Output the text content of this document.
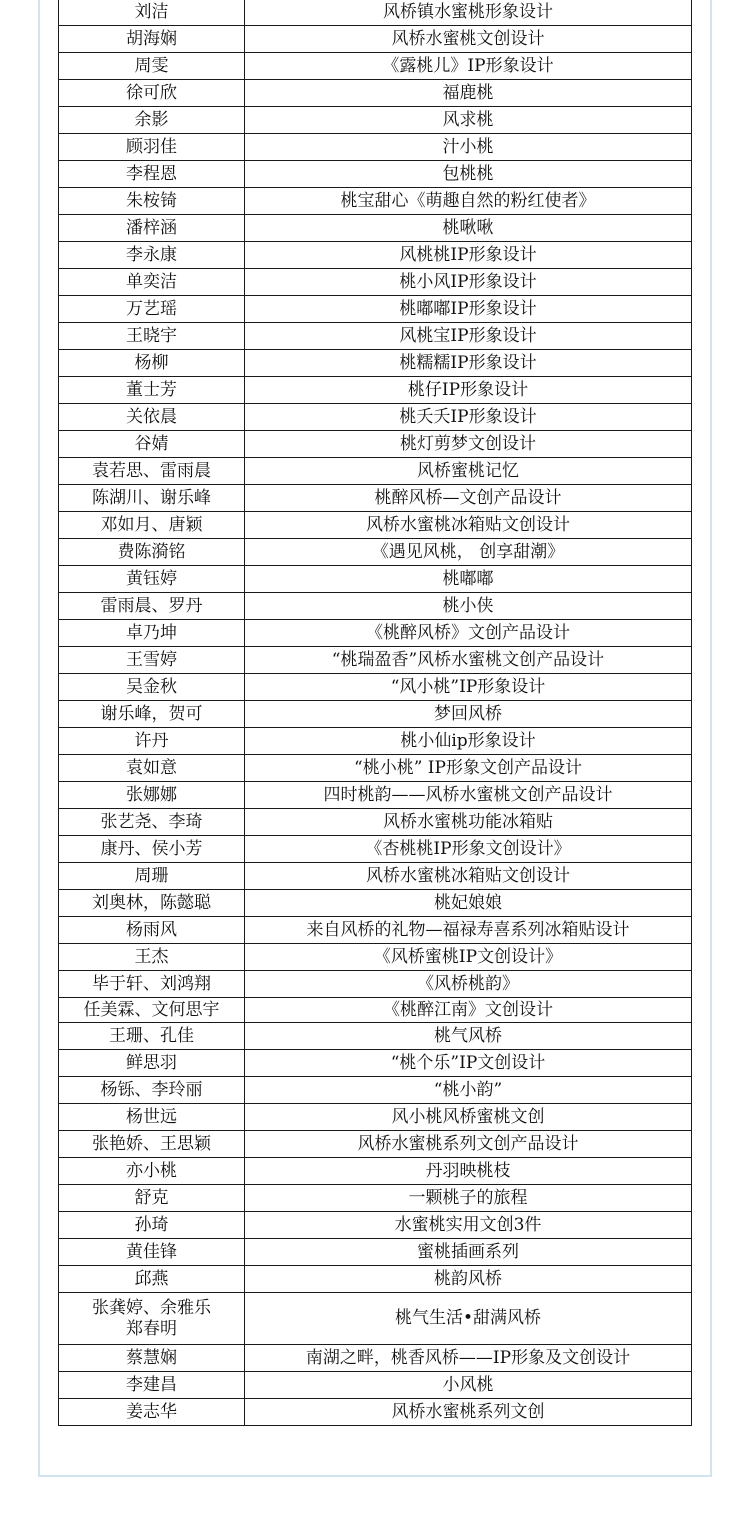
刘洁	风桥镇水蜜桃形象设计
胡海娴	风桥水蜜桃文创设计
周雯	《露桃儿》IP形象设计
徐可欣	福鹿桃
余影	风求桃
顾羽佳	汁小桃
李程恩	包桃桃
朱桉锜	桃宝甜心《萌趣自然的粉红使者》
潘梓涵	桃啾啾
李永康	风桃桃IP形象设计
单奕洁	桃小风IP形象设计
万艺瑶	桃嘟嘟IP形象设计
王晓宇	风桃宝IP形象设计
杨柳	桃糯糯IP形象设计
董士芳	桃仔IP形象设计
关依晨	桃夭夭IP形象设计
谷婧	桃灯剪梦文创设计
袁若思、雷雨晨	风桥蜜桃记忆
陈湖川、谢乐峰	桃醉风桥—文创产品设计
邓如月、唐颖	风桥水蜜桃冰箱贴文创设计
费陈漪铭	《遇见风桃， 创享甜潮》
黄钰婷	桃嘟嘟
雷雨晨、罗丹	桃小侠
卓乃坤	《桃醉风桥》文创产品设计
王雪婷	“桃瑞盈香”风桥水蜜桃文创产品设计
吴金秋	“风小桃”IP形象设计
谢乐峰，贺可	梦回风桥
许丹	桃小仙ip形象设计
袁如意	“桃小桃” IP形象文创产品设计
张娜娜	四时桃韵——风桥水蜜桃文创产品设计
张艺尧、李琦	风桥水蜜桃功能冰箱贴
康丹、侯小芳	《杏桃桃IP形象文创设计》
周珊	风桥水蜜桃冰箱贴文创设计
刘奥林，陈懿聪	桃妃娘娘
杨雨风	来自风桥的礼物—福禄寿喜系列冰箱贴设计
王杰	《风桥蜜桃IP文创设计》
毕于轩、刘鸿翔	《风桥桃韵》
任美霖、文何思宇	《桃醉江南》文创设计
王珊、孔佳	桃气风桥
鲜思羽	“桃个乐”IP文创设计
杨铄、李玲丽	“桃小韵”
杨世远	风小桃风桥蜜桃文创
张艳娇、王思颖	风桥水蜜桃系列文创产品设计
亦小桃	丹羽映桃枝
舒克	一颗桃子的旅程
孙琦	水蜜桃实用文创3件
黄佳锋	蜜桃插画系列
邱燕	桃韵风桥
张龚婷、余雅乐
郑春明	桃气生活•甜满风桥
蔡慧娴	南湖之畔，桃香风桥——IP形象及文创设计
李建昌	小风桃
姜志华	风桥水蜜桃系列文创
